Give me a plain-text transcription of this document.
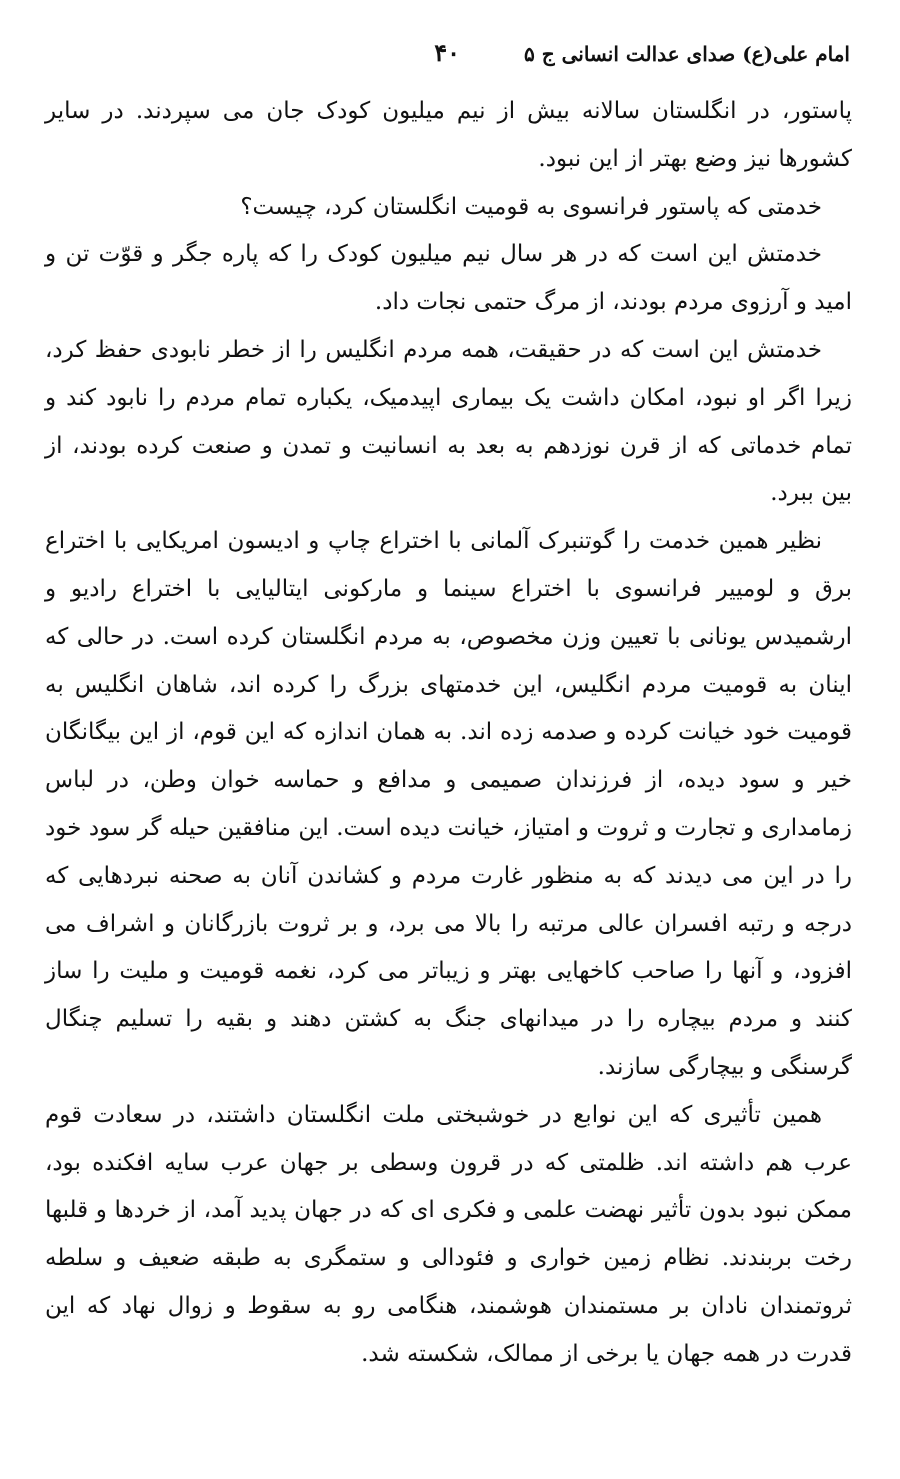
امام علی(ع) صدای عدالت انسانی ج ۵
۴۰

پاستور، در انگلستان سالانه بیش از نیم میلیون کودک جان می سپردند. در سایر کشورها نیز وضع بهتر از این نبود.

خدمتی که پاستور فرانسوی به قومیت انگلستان کرد، چیست؟

خدمتش این است که در هر سال نیم میلیون کودک را که پاره جگر و قوّت تن و امید و آرزوی مردم بودند، از مرگ حتمی نجات داد.

خدمتش این است که در حقیقت، همه مردم انگلیس را از خطر نابودی حفظ کرد، زیرا اگر او نبود، امکان داشت یک بیماری اپیدمیک، یکباره تمام مردم را نابود کند و تمام خدماتی که از قرن نوزدهم به بعد به انسانیت و تمدن و صنعت کرده بودند، از بین ببرد.

نظیر همین خدمت را گوتنبرک آلمانی با اختراع چاپ و ادیسون امریکایی با اختراع برق و لومییر فرانسوی با اختراع سینما و مارکونی ایتالیایی با اختراع رادیو و ارشمیدس یونانی با تعیین وزن مخصوص، به مردم انگلستان کرده است. در حالی که اینان به قومیت مردم انگلیس، این خدمتهای بزرگ را کرده اند، شاهان انگلیس به قومیت خود خیانت کرده و صدمه زده اند. به همان اندازه که این قوم، از این بیگانگان خیر و سود دیده، از فرزندان صمیمی و مدافع و حماسه خوان وطن، در لباس زمامداری و تجارت و ثروت و امتیاز، خیانت دیده است. این منافقین حیله گر سود خود را در این می دیدند که به منظور غارت مردم و کشاندن آنان به صحنه نبردهایی که درجه و رتبه افسران عالی مرتبه را بالا می برد، و بر ثروت بازرگانان و اشراف می افزود، و آنها را صاحب کاخهایی بهتر و زیباتر می کرد، نغمه قومیت و ملیت را ساز کنند و مردم بیچاره را در میدانهای جنگ به کشتن دهند و بقیه را تسلیم چنگال گرسنگی و بیچارگی سازند.

همین تأثیری که این نوابع در خوشبختی ملت انگلستان داشتند، در سعادت قوم عرب هم داشته اند. ظلمتی که در قرون وسطی بر جهان عرب سایه افکنده بود، ممکن نبود بدون تأثیر نهضت علمی و فکری ای که در جهان پدید آمد، از خردها و قلبها رخت بربندند. نظام زمین خواری و فئودالی و ستمگری به طبقه ضعیف و سلطه ثروتمندان نادان بر مستمندان هوشمند، هنگامی رو به سقوط و زوال نهاد که این قدرت در همه جهان یا برخی از ممالک، شکسته شد.
